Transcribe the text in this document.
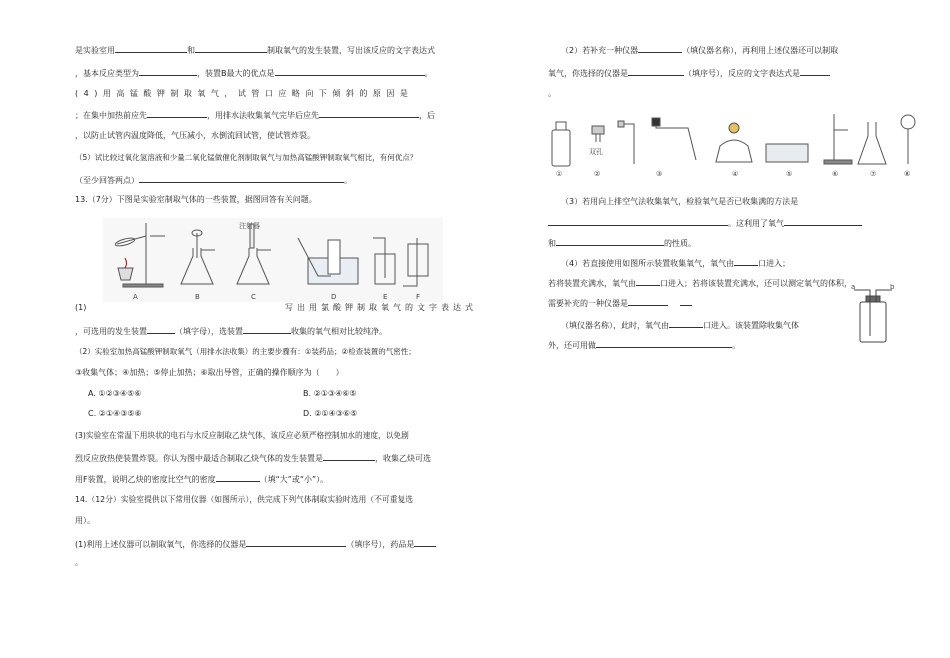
是实验室用	和	制取氧气的发生装置，写出该反应的文字表达式
，基本反应类型为	，装置B最大的优点是	。
(4)用高锰酸钾制取氧气，试管口应略向下倾斜的原因是
；在集中加热前应先	，用排水法收集氧气完毕后应先	，后
，以防止试管内温度降低，气压减小，水倒流回试管，使试管炸裂。
（5）试比较过氧化氢溶液和少量二氧化锰做催化剂制取氧气与加热高锰酸钾制取氧气相比，有何优点？
（至少回答两点）	。
13.（7分）下图是实验室制取气体的一些装置，据图回答有关问题。
注射器
A	B	C	D	E	F
(1)	写出用氯酸钾制取氧气的文字表达式
，可选用的发生装置	（填字母），选装置	收集的氧气相对比较纯净。
（2）实验室加热高锰酸钾制取氧气（用排水法收集）的主要步骤有：①装药品；②检查装置的气密性；
③收集气体；④加热；⑤停止加热；⑥取出导管，正确的操作顺序为（　　）
A. ①②③④⑤⑥	B. ②①③④⑥⑤
C. ②①④③⑤⑥	D. ②①④③⑥⑤
(3)实验室在常温下用块状的电石与水反应制取乙炔气体，该反应必须严格控制加水的速度，以免剧
烈反应放热使装置炸裂。你认为图中最适合制取乙炔气体的发生装置是	，收集乙炔可选
用F装置，说明乙炔的密度比空气的密度	（填“大”或“小”）。
14.（12分）实验室提供以下常用仪器（如图所示），供完成下列气体制取实验时选用（不可重复选
用）。
(1)利用上述仪器可以制取氧气，你选择的仪器是	（填序号），药品是
。
（2）若补充一种仪器	（填仪器名称），再利用上述仪器还可以制取
氧气，你选择的仪器是	（填序号），反应的文字表达式是
。
双孔
①	②	③	④	⑤	⑥	⑦	⑧
（3）若用向上排空气法收集氧气，检验氧气是否已收集满的方法是
。这利用了氧气
和	的性质。
（4）若直接使用如图所示装置收集氧气，氧气由	口进入；
若将装置充满水，氧气由	口进入；若将该装置充满水，还可以测定氧气的体积，
需要补充的一种仪器是
（填仪器名称），此时，氧气由	口进入。该装置除收集气体
外，还可用做	。
a	b
